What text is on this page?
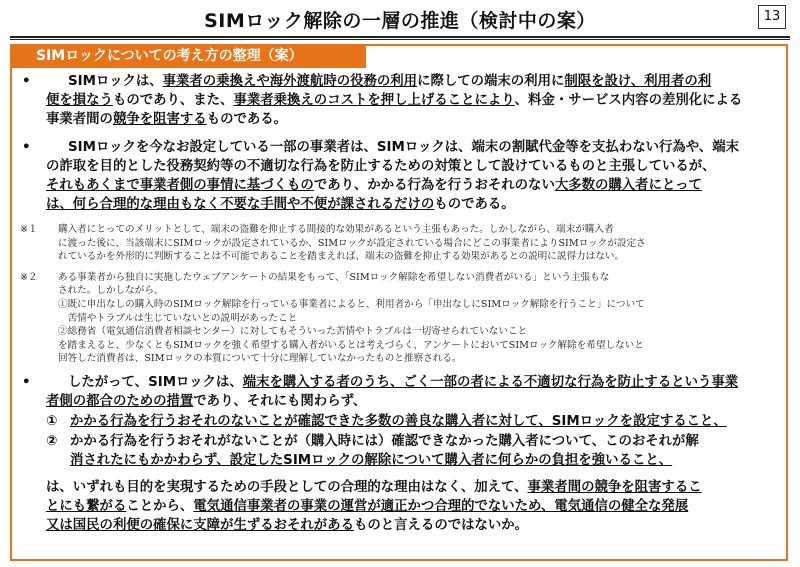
SIMロック解除の一層の推進（検討中の案）	13
SIMロックについての考え方の整理（案）
•	SIMロックは、事業者の乗換えや海外渡航時の役務の利用に際しての端末の利用に制限を設け、利用者の利
便を損なうものであり、また、事業者乗換えのコストを押し上げることにより、料金・サービス内容の差別化による
事業者間の競争を阻害するものである。
•	SIMロックを今なお設定している一部の事業者は、SIMロックは、端末の割賦代金等を支払わない行為や、端末
の詐取を目的とした役務契約等の不適切な行為を防止するための対策として設けているものと主張しているが、
それもあくまで事業者側の事情に基づくものであり、かかる行為を行うおそれのない大多数の購入者にとって
は、何ら合理的な理由もなく不要な手間や不便が課されるだけのものである。
※１ 購入者にとってのメリットとして、端末の盗難を抑止する間接的な効果があるという主張もあった。しかしながら、端末が購入者
に渡った後に、当該端末にSIMロックが設定されているか、SIMロックが設定されている場合にどこの事業者によりSIMロックが設定さ
れているかを外形的に判断することは不可能であることを踏まえれば、端末の盗難を抑止する効果があるとの説明に説得力はない。
※２ ある事業者から独自に実施したウェブアンケートの結果をもって、「SIMロック解除を希望しない消費者がいる」という主張もな
された。しかしながら、
①既に申出なしの購入時のSIMロック解除を行っている事業者によると、利用者から「申出なしにSIMロック解除を行うこと」について
　苦情やトラブルは生じていないとの説明があったこと
②総務省（電気通信消費者相談センター）に対してもそういった苦情やトラブルは一切寄せられていないこと
を踏まえると、少なくともSIMロックを強く希望する購入者がいるとは考えづらく、アンケートにおいてSIMロック解除を希望しないと
回答した消費者は、SIMロックの本質について十分に理解していなかったものと推察される。
•	したがって、SIMロックは、端末を購入する者のうち、ごく一部の者による不適切な行為を防止するという事業
者側の都合のための措置であり、それにも関わらず、
① かかる行為を行うおそれのないことが確認できた多数の善良な購入者に対して、SIMロックを設定すること、
② かかる行為を行うおそれがないことが（購入時には）確認できなかった購入者について、このおそれが解
消されたにもかかわらず、設定したSIMロックの解除について購入者に何らかの負担を強いること、
は、いずれも目的を実現するための手段としての合理的な理由はなく、加えて、事業者間の競争を阻害するこ
とにも繋がることから、電気通信事業者の事業の運営が適正かつ合理的でないため、電気通信の健全な発展
又は国民の利便の確保に支障が生ずるおそれがあるものと言えるのではないか。
